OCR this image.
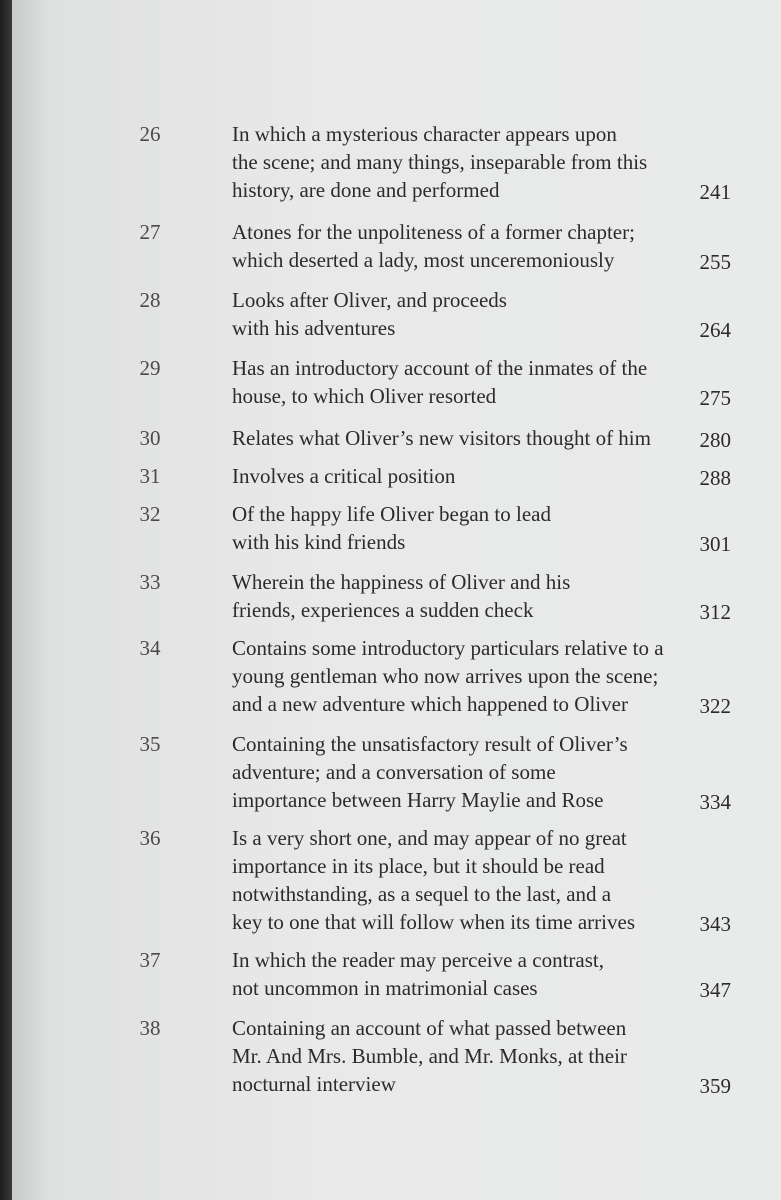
26	In which a mysterious character appears upon
the scene; and many things, inseparable from this
history, are done and performed	241
27	Atones for the unpoliteness of a former chapter;
which deserted a lady, most unceremoniously	255
28	Looks after Oliver, and proceeds
with his adventures	264
29	Has an introductory account of the inmates of the
house, to which Oliver resorted	275
30	Relates what Oliver’s new visitors thought of him	280
31	Involves a critical position	288
32	Of the happy life Oliver began to lead
with his kind friends	301
33	Wherein the happiness of Oliver and his
friends, experiences a sudden check	312
34	Contains some introductory particulars relative to a
young gentleman who now arrives upon the scene;
and a new adventure which happened to Oliver	322
35	Containing the unsatisfactory result of Oliver’s
adventure; and a conversation of some
importance between Harry Maylie and Rose	334
36	Is a very short one, and may appear of no great
importance in its place, but it should be read
notwithstanding, as a sequel to the last, and a
key to one that will follow when its time arrives	343
37	In which the reader may perceive a contrast,
not uncommon in matrimonial cases	347
38	Containing an account of what passed between
Mr. And Mrs. Bumble, and Mr. Monks, at their
nocturnal interview	359
